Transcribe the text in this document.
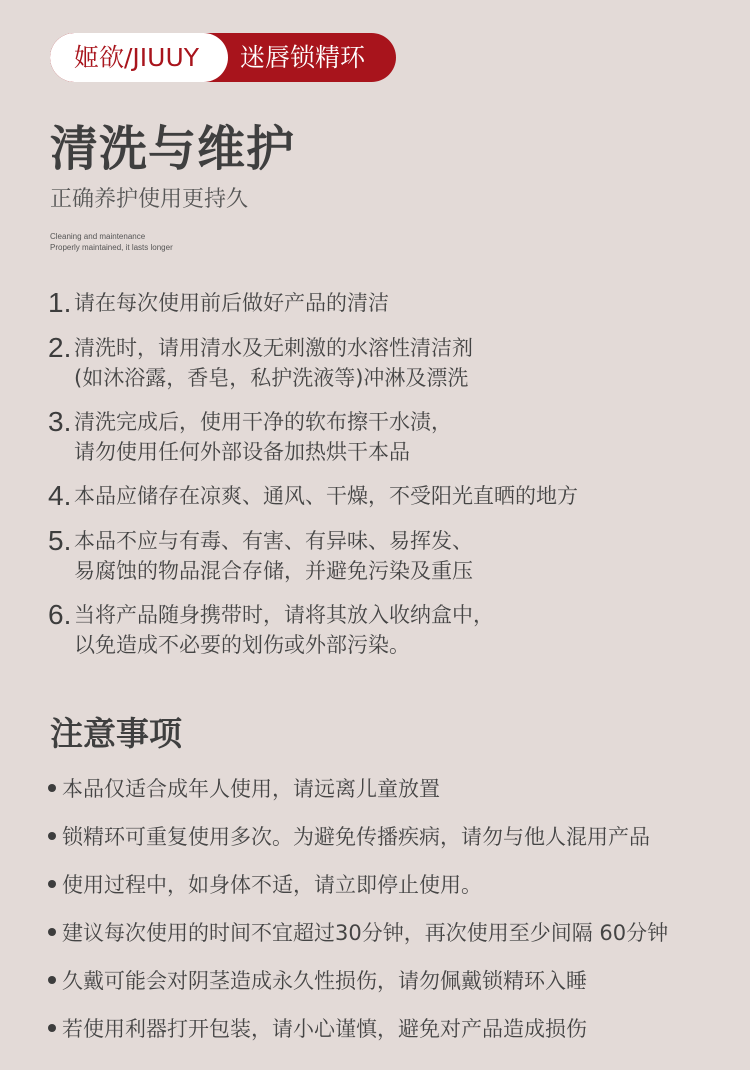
姬欲/JIUUY	迷唇锁精环
清洗与维护
正确养护使用更持久
Cleaning and maintenance
Properly maintained, it lasts longer
1. 请在每次使用前后做好产品的清洁
2. 清洗时，请用清水及无刺激的水溶性清洁剂
(如沐浴露，香皂，私护洗液等)冲淋及漂洗
3. 清洗完成后，使用干净的软布擦干水渍，
请勿使用任何外部设备加热烘干本品
4. 本品应储存在凉爽、通风、干燥，不受阳光直晒的地方
5. 本品不应与有毒、有害、有异味、易挥发、
易腐蚀的物品混合存储，并避免污染及重压
6. 当将产品随身携带时，请将其放入收纳盒中，
以免造成不必要的划伤或外部污染。
注意事项
本品仅适合成年人使用，请远离儿童放置
锁精环可重复使用多次。为避免传播疾病，请勿与他人混用产品
使用过程中，如身体不适，请立即停止使用。
建议每次使用的时间不宜超过30分钟，再次使用至少间隔 60分钟
久戴可能会对阴茎造成永久性损伤，请勿佩戴锁精环入睡
若使用利器打开包装，请小心谨慎，避免对产品造成损伤
